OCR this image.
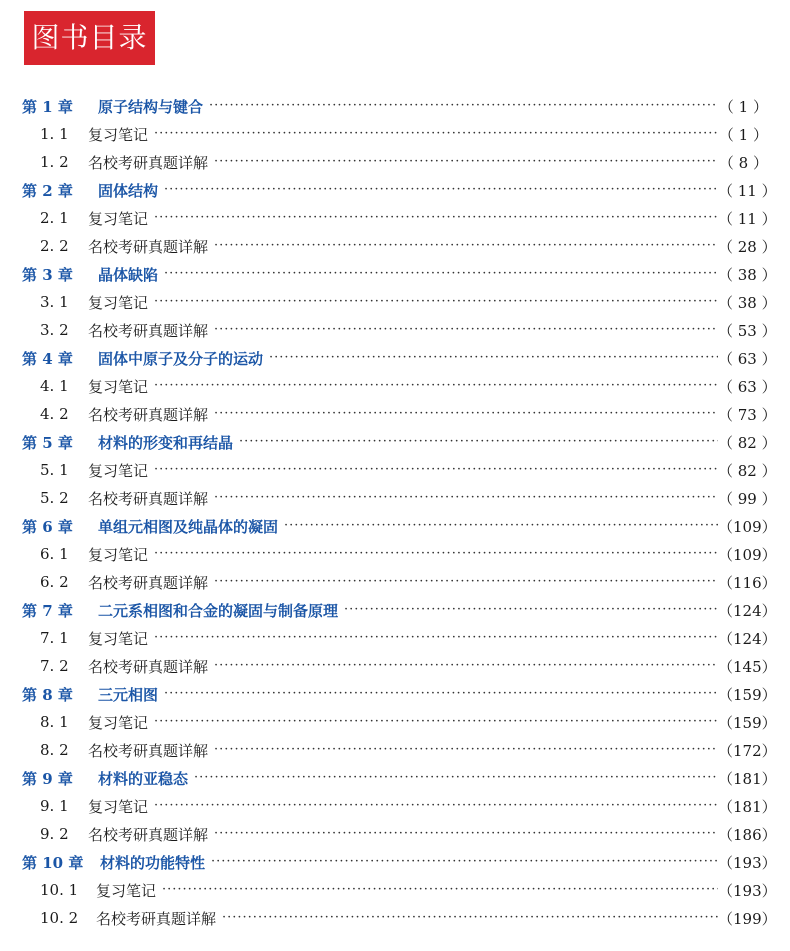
图书目录
第 1 章	原子结构与键合 ·····	（ 1 ）
1. 1	复习笔记 ·····	（ 1 ）
1. 2	名校考研真题详解 ·····	（ 8 ）
第 2 章	固体结构 ·····	（ 11 ）
2. 1	复习笔记 ·····	（ 11 ）
2. 2	名校考研真题详解 ·····	（ 28 ）
第 3 章	晶体缺陷 ·····	（ 38 ）
3. 1	复习笔记 ·····	（ 38 ）
3. 2	名校考研真题详解 ·····	（ 53 ）
第 4 章	固体中原子及分子的运动 ·····	（ 63 ）
4. 1	复习笔记 ·····	（ 63 ）
4. 2	名校考研真题详解 ·····	（ 73 ）
第 5 章	材料的形变和再结晶 ·····	（ 82 ）
5. 1	复习笔记 ·····	（ 82 ）
5. 2	名校考研真题详解 ·····	（ 99 ）
第 6 章	单组元相图及纯晶体的凝固 ·····	（109）
6. 1	复习笔记 ·····	（109）
6. 2	名校考研真题详解 ·····	（116）
第 7 章	二元系相图和合金的凝固与制备原理 ·····	（124）
7. 1	复习笔记 ·····	（124）
7. 2	名校考研真题详解 ·····	（145）
第 8 章	三元相图 ·····	（159）
8. 1	复习笔记 ·····	（159）
8. 2	名校考研真题详解 ·····	（172）
第 9 章	材料的亚稳态 ·····	（181）
9. 1	复习笔记 ·····	（181）
9. 2	名校考研真题详解 ·····	（186）
第 10 章	材料的功能特性 ·····	（193）
10. 1	复习笔记 ·····	（193）
10. 2	名校考研真题详解 ·····	（199）
